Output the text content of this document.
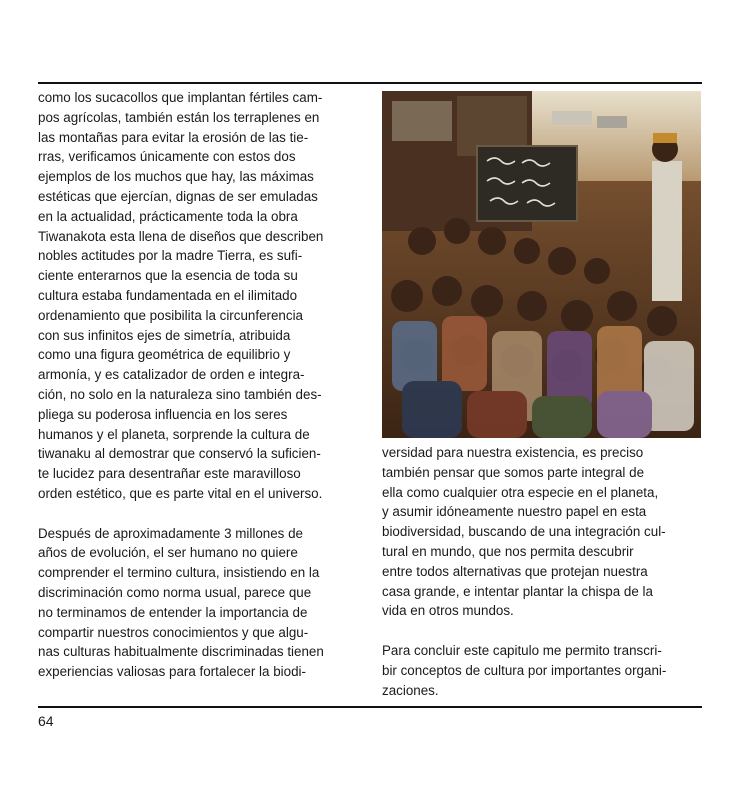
como los sucacollos que implantan fértiles cam-
pos agrícolas, también están los terraplenes en
las montañas para evitar la erosión de las tie-
rras, verificamos únicamente con estos dos
ejemplos de los muchos que hay, las máximas
estéticas que ejercían, dignas de ser emuladas
en la actualidad, prácticamente toda la obra
Tiwanakota esta llena de diseños que describen
nobles actitudes por la madre Tierra, es sufi-
ciente enterarnos que la esencia de toda su
cultura estaba fundamentada en el ilimitado
ordenamiento que posibilita la circunferencia
con sus infinitos ejes de simetría, atribuida
como una figura geométrica de equilibrio y
armonía, y es catalizador de orden e integra-
ción, no solo en la naturaleza sino también des-
pliega su poderosa influencia en los seres
humanos y el planeta, sorprende la cultura de
tiwanaku al demostrar que conservó la suficien-
te lucidez para desentrañar este maravilloso
orden estético, que es parte vital en el universo.
Después de aproximadamente 3 millones de
años de evolución, el ser humano no quiere
comprender el termino cultura, insistiendo en la
discriminación como norma usual, parece que
no terminamos de entender la importancia de
compartir nuestros conocimientos y que algu-
nas culturas habitualmente discriminadas tienen
experiencias valiosas para fortalecer la biodi-
versidad para nuestra existencia, es preciso
también pensar que somos parte integral de
ella como cualquier otra especie en el planeta,
y asumir idóneamente nuestro papel en esta
biodiversidad, buscando de una integración cul-
tural en mundo, que nos permita descubrir
entre todos alternativas que protejan nuestra
casa grande, e intentar plantar la chispa de la
vida en otros mundos.
Para concluir este capitulo me permito transcri-
bir conceptos de cultura por importantes organi-
zaciones.
64
